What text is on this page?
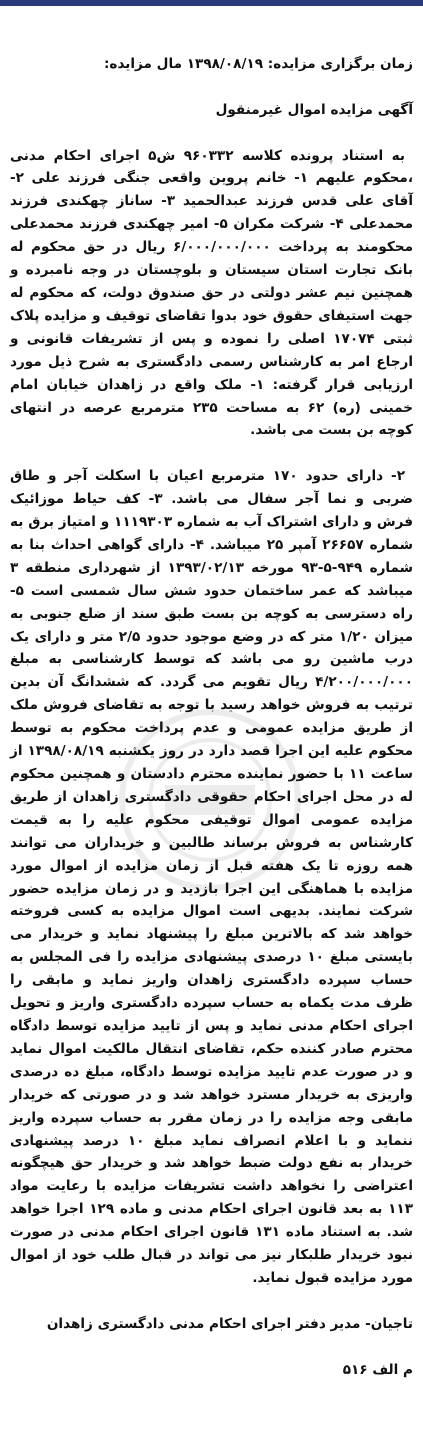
زمان برگزاری مزایده: ۱۳۹۸/۰۸/۱۹ مال مزایده:

آگهی مزایده اموال غیرمنقول

به استناد پرونده کلاسه ۹۶۰۳۳۲ ش۵ اجرای احکام مدنی ،محکوم علیهم ۱- خانم پروین واقعی جنگی فرزند علی ۲- آقای علی قدس فرزند عبدالحمید ۳- ساناز چهکندی فرزند محمدعلی ۴- شرکت مکران ۵- امیر چهکندی فرزند محمدعلی محکومند به پرداخت ۶/۰۰۰/۰۰۰/۰۰۰ ریال در حق محکوم له بانک تجارت استان سیستان و بلوچستان در وجه نامبرده و همچنین نیم عشر دولتی در حق صندوق دولت، که محکوم له جهت استیفای حقوق خود بدوا تقاضای توقیف و مزایده پلاک ثبتی ۱۷۰۷۴ اصلی را نموده و پس از تشریفات قانونی و ارجاع امر به کارشناس رسمی دادگستری به شرح ذیل مورد ارزیابی قرار گرفته: ۱- ملک واقع در زاهدان خیابان امام خمینی (ره) ۶۲ به مساحت ۲۳۵ مترمربع عرصه در انتهای کوچه بن بست می باشد.

۲- دارای حدود ۱۷۰ مترمربع اعیان با اسکلت آجر و طاق ضربی و نما آجر سفال می باشد. ۳- کف حیاط موزائیک فرش و دارای اشتراک آب به شماره ۱۱۱۹۳۰۳ و امتیاز برق به شماره ۲۶۶۵۷ آمپر ۲۵ میباشد. ۴- دارای گواهی احداث بنا به شماره ۹۴۹-۵-۹۳ مورخه ۱۳۹۳/۰۲/۱۳ از شهرداری منطقه ۳ میباشد که عمر ساختمان حدود شش سال شمسی است ۵- راه دسترسی به کوچه بن بست طبق سند از ضلع جنوبی به میزان ۱/۲۰ متر که در وضع موجود حدود ۲/۵ متر و دارای یک درب ماشین رو می باشد که توسط کارشناسی به مبلغ ۴/۲۰۰/۰۰۰/۰۰۰ ریال تقویم می گردد. که ششدانگ آن بدین ترتیب به فروش خواهد رسید با توجه به تقاضای فروش ملک از طریق مزایده عمومی و عدم پرداخت محکوم به توسط محکوم علیه این اجرا قصد دارد در روز یکشنبه ۱۳۹۸/۰۸/۱۹ از ساعت ۱۱ با حضور نماینده محترم دادستان و همچنین محکوم له در محل اجرای احکام حقوقی دادگستری زاهدان از طریق مزایده عمومی اموال توقیفی محکوم علیه را به قیمت کارشناس به فروش برساند طالبین و خریداران می توانند همه روزه تا یک هفته قبل از زمان مزایده از اموال مورد مزایده با هماهنگی این اجرا بازدید و در زمان مزایده حضور شرکت نمایند. بدیهی است اموال مزایده به کسی فروخته خواهد شد که بالاترین مبلغ را پیشنهاد نماید و خریدار می بایستی مبلغ ۱۰ درصدی پیشنهادی مزایده را فی المجلس به حساب سپرده دادگستری زاهدان واریز نماید و مابقی را ظرف مدت یکماه به حساب سپرده دادگستری واریز و تحویل اجرای احکام مدنی نماید و پس از تایید مزایده توسط دادگاه محترم صادر کننده حکم، تقاضای انتقال مالکیت اموال نماید و در صورت عدم تایید مزایده توسط دادگاه، مبلغ ده درصدی واریزی به خریدار مسترد خواهد شد و در صورتی که خریدار مابقی وجه مزایده را در زمان مقرر به حساب سپرده واریز ننماید و با اعلام انصراف نماید مبلغ ۱۰ درصد پیشنهادی خریدار به نفع دولت ضبط خواهد شد و خریدار حق هیچگونه اعتراضی را نخواهد داشت تشریفات مزایده با رعایت مواد ۱۱۳ به بعد قانون اجرای احکام مدنی و ماده ۱۲۹ اجرا خواهد شد. به استناد ماده ۱۳۱ قانون اجرای احکام مدنی در صورت نبود خریدار طلبکار نیز می تواند در قبال طلب خود از اموال مورد مزایده قبول نماید.

تاجیان- مدیر دفتر اجرای احکام مدنی دادگستری زاهدان

م الف ۵۱۶
